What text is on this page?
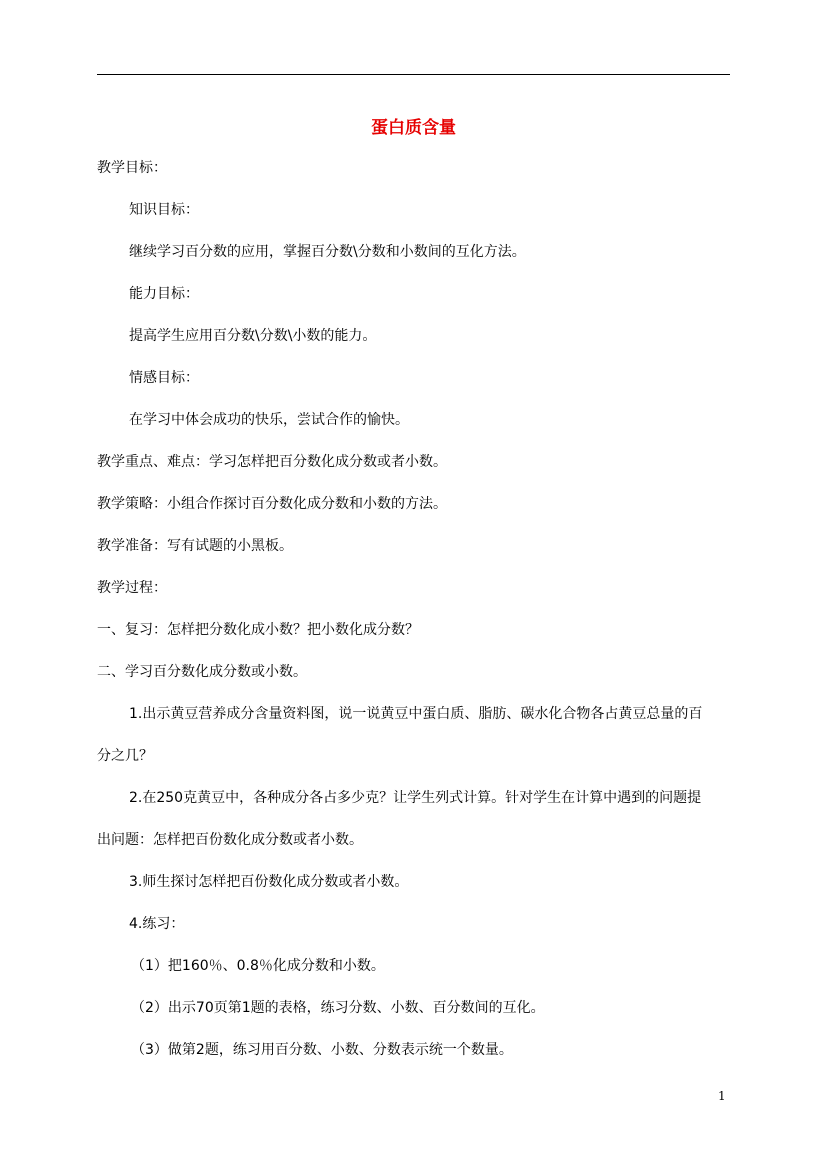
蛋白质含量
教学目标：
知识目标：
继续学习百分数的应用，掌握百分数\分数和小数间的互化方法。
能力目标：
提高学生应用百分数\分数\小数的能力。
情感目标：
在学习中体会成功的快乐，尝试合作的愉快。
教学重点、难点：学习怎样把百分数化成分数或者小数。
教学策略：小组合作探讨百分数化成分数和小数的方法。
教学准备：写有试题的小黑板。
教学过程：
一、复习：怎样把分数化成小数？把小数化成分数？
二、学习百分数化成分数或小数。
1.出示黄豆营养成分含量资料图，说一说黄豆中蛋白质、脂肪、碳水化合物各占黄豆总量的百
分之几？
2.在250克黄豆中，各种成分各占多少克？让学生列式计算。针对学生在计算中遇到的问题提
出问题：怎样把百份数化成分数或者小数。
3.师生探讨怎样把百份数化成分数或者小数。
4.练习：
（1）把160％、0.8％化成分数和小数。
（2）出示70页第1题的表格，练习分数、小数、百分数间的互化。
（3）做第2题，练习用百分数、小数、分数表示统一个数量。
1
